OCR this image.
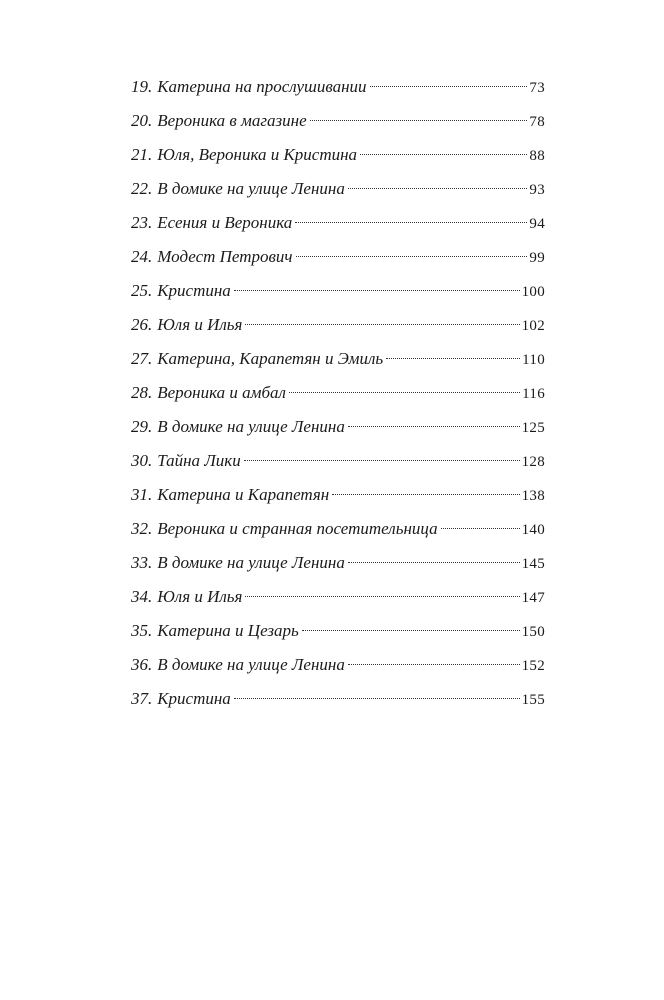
19. Катерина на прослушивании	73
20. Вероника в магазине	78
21. Юля, Вероника и Кристина	88
22. В домике на улице Ленина	93
23. Есения и Вероника	94
24. Модест Петрович	99
25. Кристина	100
26. Юля и Илья	102
27. Катерина, Карапетян и Эмиль	110
28. Вероника и амбал	116
29. В домике на улице Ленина	125
30. Тайна Лики	128
31. Катерина и Карапетян	138
32. Вероника и странная посетительница	140
33. В домике на улице Ленина	145
34. Юля и Илья	147
35. Катерина и Цезарь	150
36. В домике на улице Ленина	152
37. Кристина	155
